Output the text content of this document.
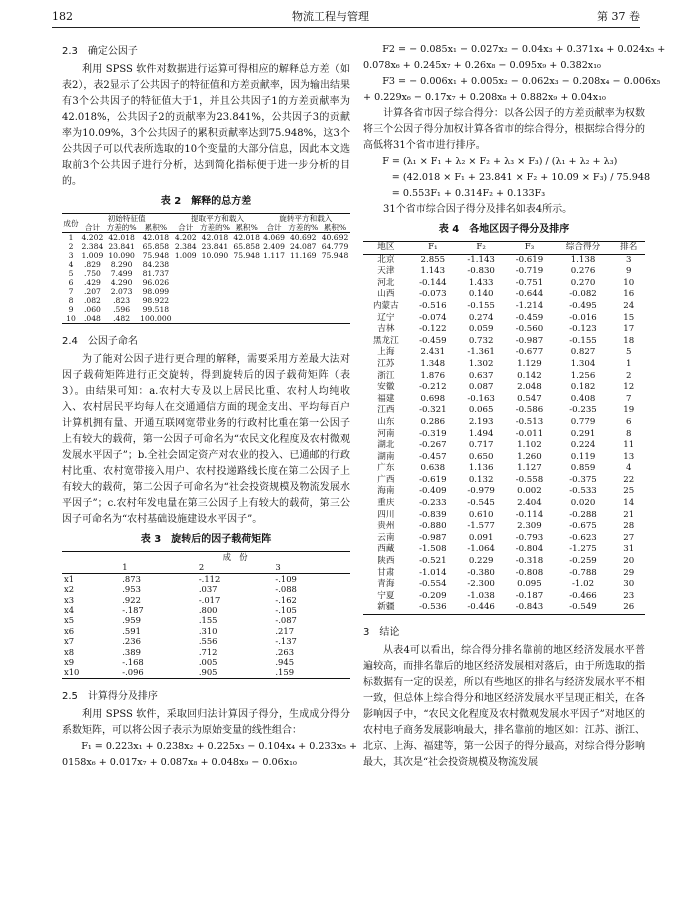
182	物流工程与管理	第 37 卷
2.3　确定公因子
利用 SPSS 软件对数据进行运算可得相应的解释总方差（如表2），表2显示了公共因子的特征值和方差贡献率，因为输出结果有3个公共因子的特征值大于1，并且公共因子1的方差贡献率为42.018%，公共因子2的贡献率为23.841%，公共因子3的贡献率为10.09%，3个公共因子的累积贡献率达到75.948%，这3个公共因子可以代表所选取的10个变量的大部分信息，因此本文选取前3个公共因子进行分析，达到简化指标便于进一步分析的目的。
表 2　解释的总方差
成份	初始特征值			提取平方和载入			旋转平方和载入		
	合计	方差的%	累积%	合计	方差的%	累积%	合计	方差的%	累积%
1	4.202	42.018	42.018	4.202	42.018	42.018	4.069	40.692	40.692
2	2.384	23.841	65.858	2.384	23.841	65.858	2.409	24.087	64.779
3	1.009	10.090	75.948	1.009	10.090	75.948	1.117	11.169	75.948
4	.829	8.290	84.238						
5	.750	7.499	81.737						
6	.429	4.290	96.026						
7	.207	2.073	98.099						
8	.082	.823	98.922						
9	.060	.596	99.518						
10	.048	.482	100.000						
2.4　公因子命名
为了能对公因子进行更合理的解释，需要采用方差最大法对因子载荷矩阵进行正交旋转，得到旋转后的因子载荷矩阵（表3）。由结果可知：a.农村大专及以上居民比重、农村人均纯收入、农村居民平均每人在交通通信方面的现金支出、平均每百户计算机拥有量、开通互联网宽带业务的行政村比重在第一公因子上有较大的载荷，第一公因子可命名为“农民文化程度及农村微观发展水平因子”；b.全社会固定资产对农业的投入、已通邮的行政村比重、农村宽带接入用户、农村投递路线长度在第二公因子上有较大的载荷，第二公因子可命名为“社会投资规模及物流发展水平因子”；c.农村年发电量在第三公因子上有较大的载荷，第三公因子可命名为“农村基础设施建设水平因子”。
表 3　旋转后的因子载荷矩阵
	成　份		
	1	2	3
x1	.873	-.112	-.109
x2	.953	.037	-.088
x3	.922	-.017	-.162
x4	-.187	.800	-.105
x5	.959	.155	-.087
x6	.591	.310	.217
x7	.236	.556	-.137
x8	.389	.712	.263
x9	-.168	.005	.945
x10	-.096	.905	.159
2.5　计算得分及排序
利用 SPSS 软件，采取回归法计算因子得分，生成成分得分系数矩阵，可以将公因子表示为原始变量的线性组合：
F₁ = 0.223x₁ + 0.238x₂ + 0.225x₃ − 0.104x₄ + 0.233x₅ +
0158x₆ + 0.017x₇ + 0.087x₈ + 0.048x₉ − 0.06x₁₀
F2 = − 0.085x₁ − 0.027x₂ − 0.04x₃ + 0.371x₄ + 0.024x₅ +
0.078x₆ + 0.245x₇ + 0.26x₈ − 0.095x₉ + 0.382x₁₀
F3 = − 0.006x₁ + 0.005x₂ − 0.062x₃ − 0.208x₄ − 0.006x₅
+ 0.229x₆ − 0.17x₇ + 0.208x₈ + 0.882x₉ + 0.04x₁₀
计算各省市因子综合得分：以各公因子的方差贡献率为权数将三个公因子得分加权计算各省市的综合得分，根据综合得分的高低将31个省市进行排序。
F = (λ₁ × F₁ + λ₂ × F₂ + λ₃ × F₃) / (λ₁ + λ₂ + λ₃)
= (42.018 × F₁ + 23.841 × F₂ + 10.09 × F₃) / 75.948
= 0.553F₁ + 0.314F₂ + 0.133F₃
31个省市综合因子得分及排名如表4所示。
表 4　各地区因子得分及排序
地区	F₁	F₂	F₃	综合得分	排名
北京	2.855	-1.143	-0.619	1.138	3
天津	1.143	-0.830	-0.719	0.276	9
河北	-0.144	1.433	-0.751	0.270	10
山西	-0.073	0.140	-0.644	-0.082	16
内蒙古	-0.516	-0.155	-1.214	-0.495	24
辽宁	-0.074	0.274	-0.459	-0.016	15
吉林	-0.122	0.059	-0.560	-0.123	17
黑龙江	-0.459	0.732	-0.987	-0.155	18
上海	2.431	-1.361	-0.677	0.827	5
江苏	1.348	1.302	1.129	1.304	1
浙江	1.876	0.637	0.142	1.256	2
安徽	-0.212	0.087	2.048	0.182	12
福建	0.698	-0.163	0.547	0.408	7
江西	-0.321	0.065	-0.586	-0.235	19
山东	0.286	2.193	-0.513	0.779	6
河南	-0.319	1.494	-0.011	0.291	8
湖北	-0.267	0.717	1.102	0.224	11
湖南	-0.457	0.650	1.260	0.119	13
广东	0.638	1.136	1.127	0.859	4
广西	-0.619	0.132	-0.558	-0.375	22
海南	-0.409	-0.979	0.002	-0.533	25
重庆	-0.233	-0.545	2.404	0.020	14
四川	-0.839	0.610	-0.114	-0.288	21
贵州	-0.880	-1.577	2.309	-0.675	28
云南	-0.987	0.091	-0.793	-0.623	27
西藏	-1.508	-1.064	-0.804	-1.275	31
陕西	-0.521	0.229	-0.318	-0.259	20
甘肃	-1.014	-0.380	-0.808	-0.788	29
青海	-0.554	-2.300	0.095	-1.02	30
宁夏	-0.209	-1.038	-0.187	-0.466	23
新疆	-0.536	-0.446	-0.843	-0.549	26
3　结论
从表4可以看出，综合得分排名靠前的地区经济发展水平普遍较高，而排名靠后的地区经济发展相对落后，由于所选取的指标数据有一定的误差，所以有些地区的排名与经济发展水平不相一致，但总体上综合得分和地区经济发展水平呈现正相关，在各影响因子中，“农民文化程度及农村微观发展水平因子”对地区的农村电子商务发展影响最大，排名靠前的地区如：江苏、浙江、北京、上海、福建等，第一公因子的得分最高，对综合得分影响最大，其次是“社会投资规模及物流发展
